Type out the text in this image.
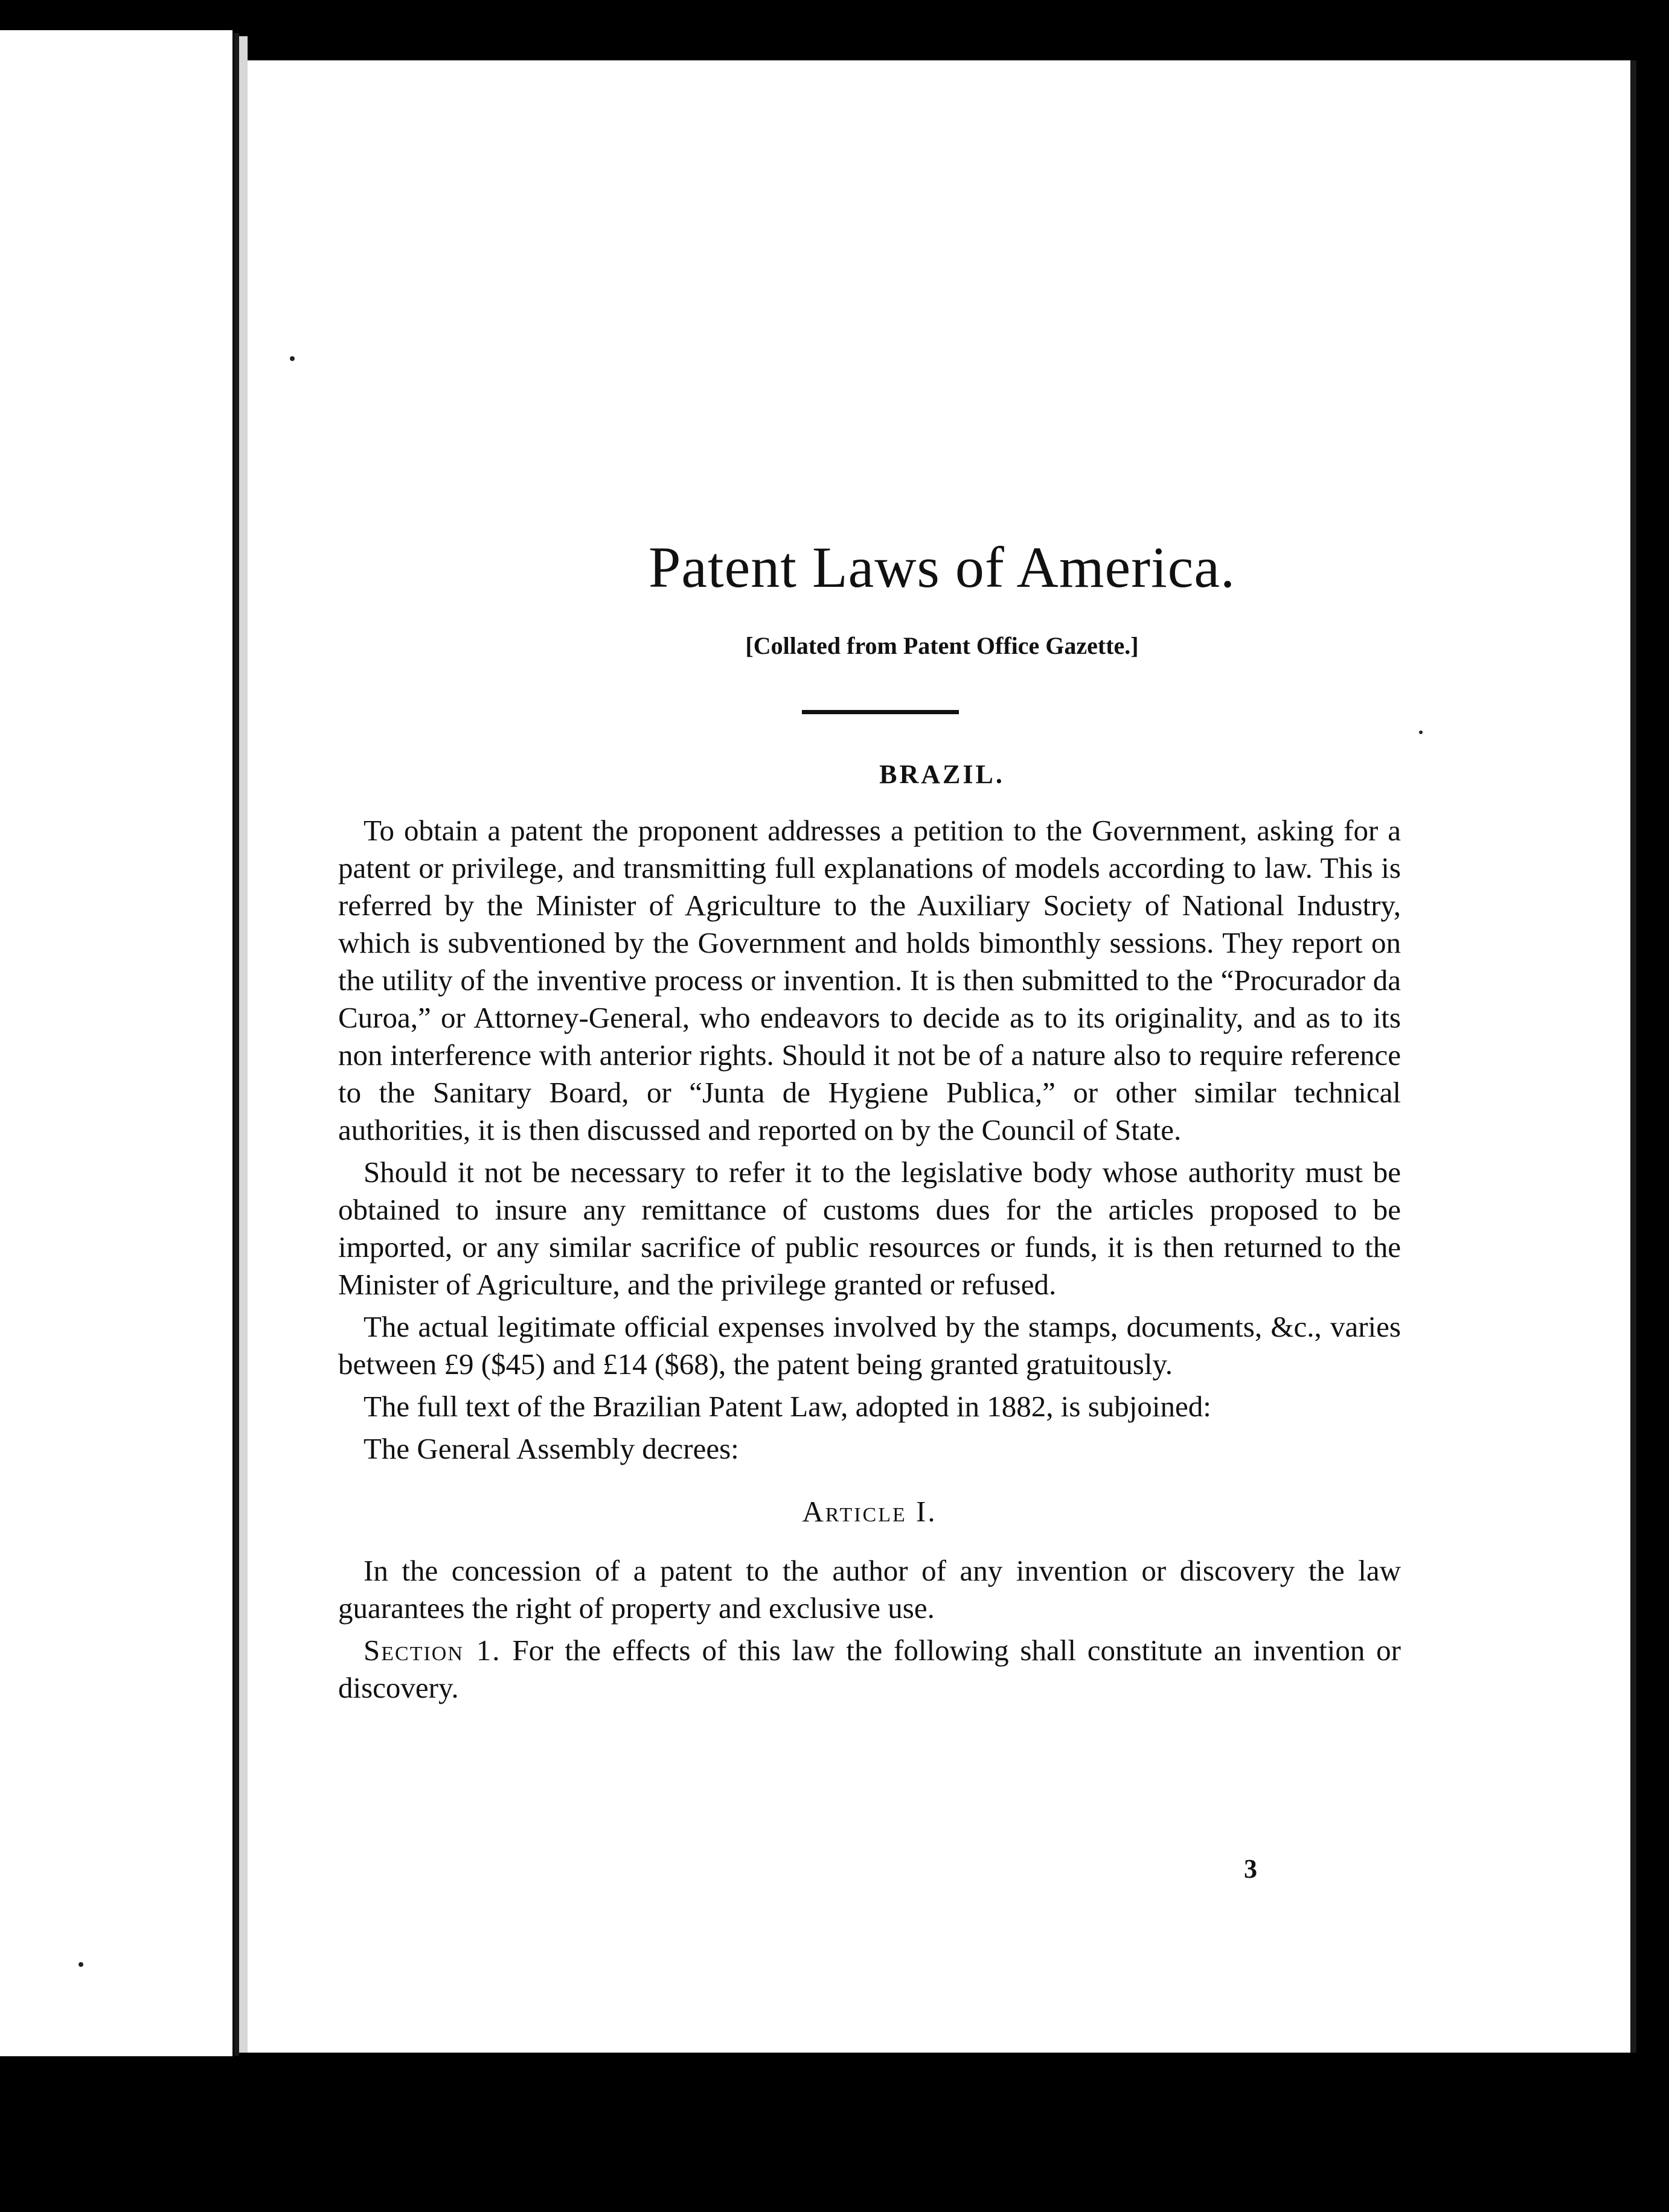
Patent Laws of America.
[Collated from Patent Office Gazette.]
BRAZIL.

To obtain a patent the proponent addresses a petition to the Government, asking for a patent or privilege, and transmitting full explanations of models according to law. This is referred by the Minister of Agriculture to the Auxiliary Society of National Industry, which is subventioned by the Government and holds bimonthly sessions. They report on the utility of the inventive process or invention. It is then submitted to the “Procurador da Curoa,” or Attorney-General, who endeavors to decide as to its originality, and as to its non interference with anterior rights. Should it not be of a nature also to require reference to the Sanitary Board, or “Junta de Hygiene Publica,” or other similar technical authorities, it is then discussed and reported on by the Council of State.

Should it not be necessary to refer it to the legislative body whose authority must be obtained to insure any remittance of customs dues for the articles proposed to be imported, or any similar sacrifice of public resources or funds, it is then returned to the Minister of Agriculture, and the privilege granted or refused.

The actual legitimate official expenses involved by the stamps, documents, &c., varies between £9 ($45) and £14 ($68), the patent being granted gratuitously.

The full text of the Brazilian Patent Law, adopted in 1882, is subjoined:

The General Assembly decrees:

Article I.

In the concession of a patent to the author of any invention or discovery the law guarantees the right of property and exclusive use.

Section 1. For the effects of this law the following shall constitute an invention or discovery.

3
